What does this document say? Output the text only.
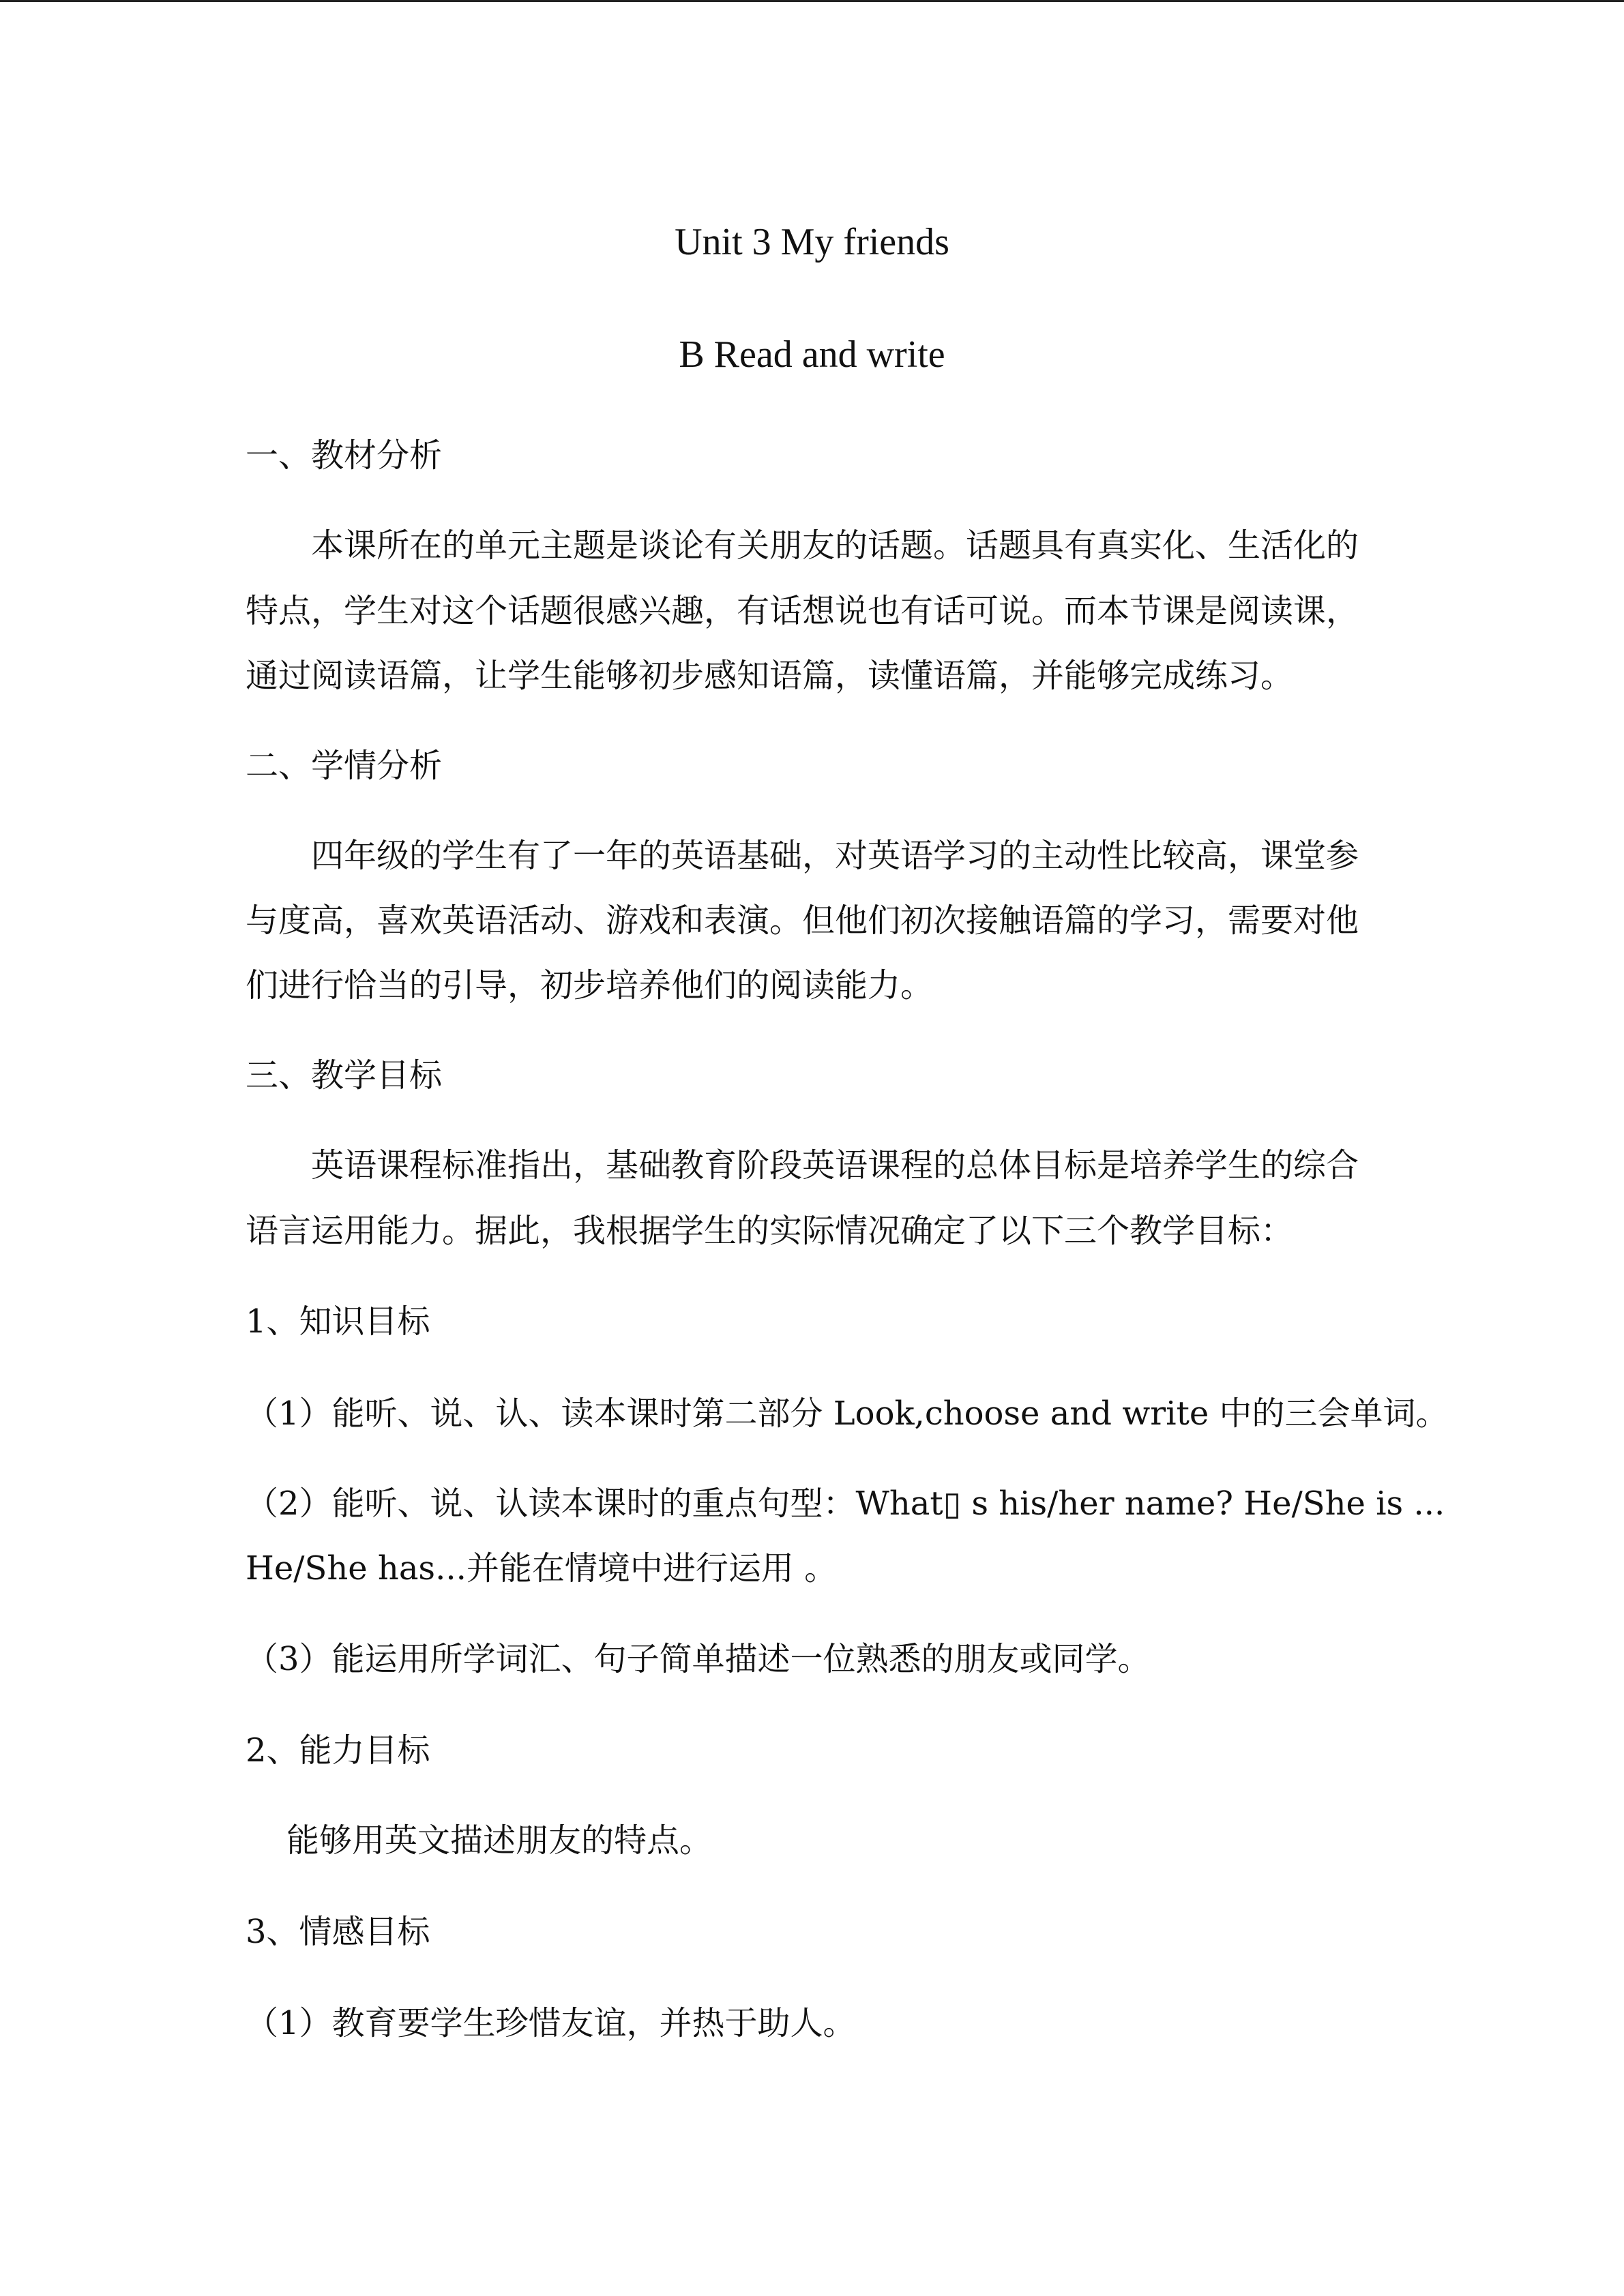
Unit 3 My friends
B Read and write
一、教材分析
本课所在的单元主题是谈论有关朋友的话题。话题具有真实化、生活化的
特点，学生对这个话题很感兴趣，有话想说也有话可说。而本节课是阅读课，
通过阅读语篇，让学生能够初步感知语篇，读懂语篇，并能够完成练习。
二、学情分析
四年级的学生有了一年的英语基础，对英语学习的主动性比较高，课堂参
与度高，喜欢英语活动、游戏和表演。但他们初次接触语篇的学习，需要对他
们进行恰当的引导，初步培养他们的阅读能力。
三、教学目标
英语课程标准指出，基础教育阶段英语课程的总体目标是培养学生的综合
语言运用能力。据此，我根据学生的实际情况确定了以下三个教学目标：
1、知识目标
（1）能听、说、认、读本课时第二部分 Look,choose and write 中的三会单词。
（2）能听、说、认读本课时的重点句型：What▯ s his/her name? He/She is ...
He/She has...并能在情境中进行运用 。
（3）能运用所学词汇、句子简单描述一位熟悉的朋友或同学。
2、能力目标
能够用英文描述朋友的特点。
3、情感目标
（1）教育要学生珍惜友谊，并热于助人。
